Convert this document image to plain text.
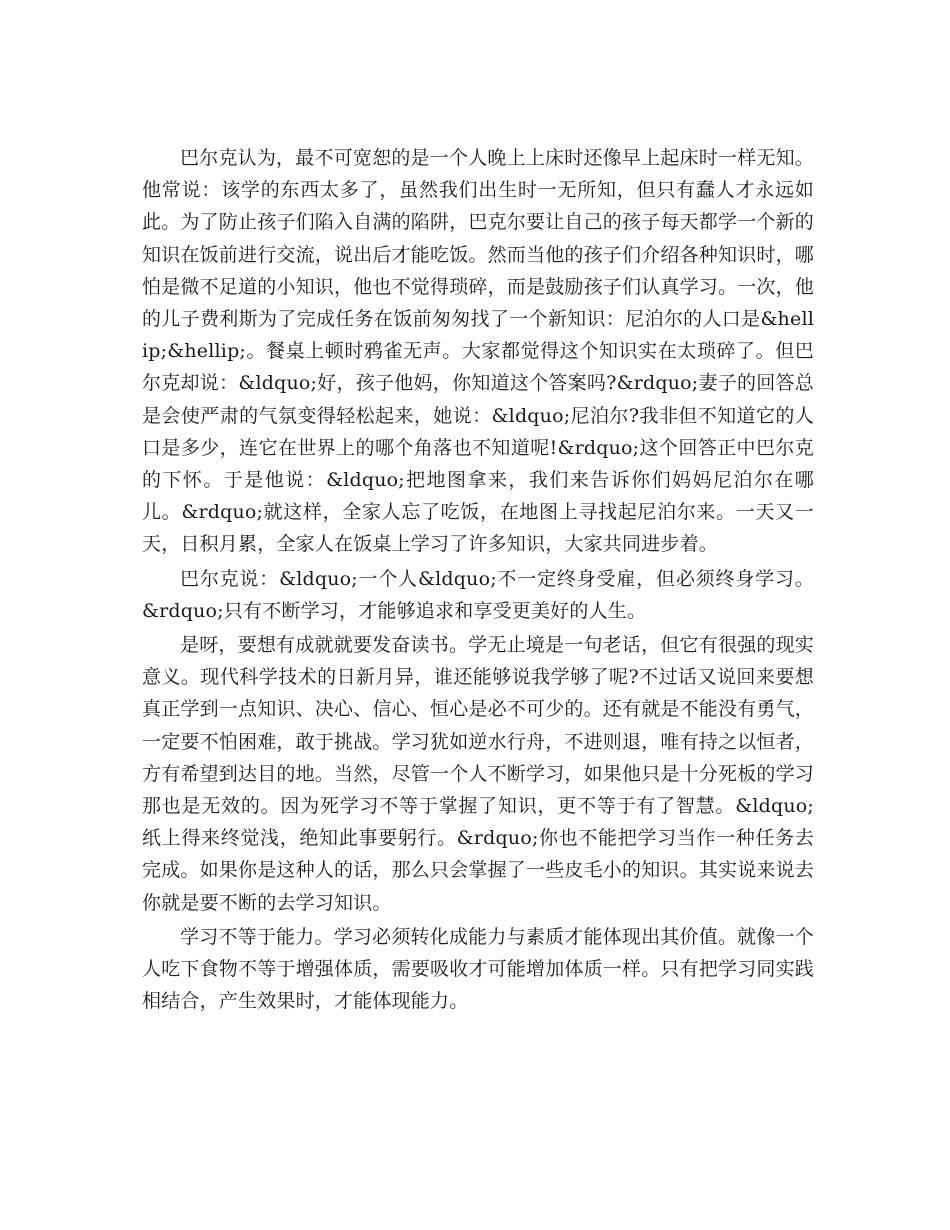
巴尔克认为，最不可宽恕的是一个人晚上上床时还像早上起床时一样无知。他常说：该学的东西太多了，虽然我们出生时一无所知，但只有蠢人才永远如此。为了防止孩子们陷入自满的陷阱，巴克尔要让自己的孩子每天都学一个新的知识在饭前进行交流，说出后才能吃饭。然而当他的孩子们介绍各种知识时，哪怕是微不足道的小知识，他也不觉得琐碎，而是鼓励孩子们认真学习。一次，他的儿子费利斯为了完成任务在饭前匆匆找了一个新知识：尼泊尔的人口是&hellip;&hellip;。餐桌上顿时鸦雀无声。大家都觉得这个知识实在太琐碎了。但巴尔克却说：&ldquo;好，孩子他妈，你知道这个答案吗?&rdquo;妻子的回答总是会使严肃的气氛变得轻松起来，她说：&ldquo;尼泊尔?我非但不知道它的人口是多少，连它在世界上的哪个角落也不知道呢!&rdquo;这个回答正中巴尔克的下怀。于是他说：&ldquo;把地图拿来，我们来告诉你们妈妈尼泊尔在哪儿。&rdquo;就这样，全家人忘了吃饭，在地图上寻找起尼泊尔来。一天又一天，日积月累，全家人在饭桌上学习了许多知识，大家共同进步着。

巴尔克说：&ldquo;一个人&ldquo;不一定终身受雇，但必须终身学习。&rdquo;只有不断学习，才能够追求和享受更美好的人生。

是呀，要想有成就就要发奋读书。学无止境是一句老话，但它有很强的现实意义。现代科学技术的日新月异，谁还能够说我学够了呢?不过话又说回来要想真正学到一点知识、决心、信心、恒心是必不可少的。还有就是不能没有勇气，一定要不怕困难，敢于挑战。学习犹如逆水行舟，不进则退，唯有持之以恒者，方有希望到达目的地。当然，尽管一个人不断学习，如果他只是十分死板的学习那也是无效的。因为死学习不等于掌握了知识，更不等于有了智慧。&ldquo;纸上得来终觉浅，绝知此事要躬行。&rdquo;你也不能把学习当作一种任务去完成。如果你是这种人的话，那么只会掌握了一些皮毛小的知识。其实说来说去你就是要不断的去学习知识。

学习不等于能力。学习必须转化成能力与素质才能体现出其价值。就像一个人吃下食物不等于增强体质，需要吸收才可能增加体质一样。只有把学习同实践相结合，产生效果时，才能体现能力。
